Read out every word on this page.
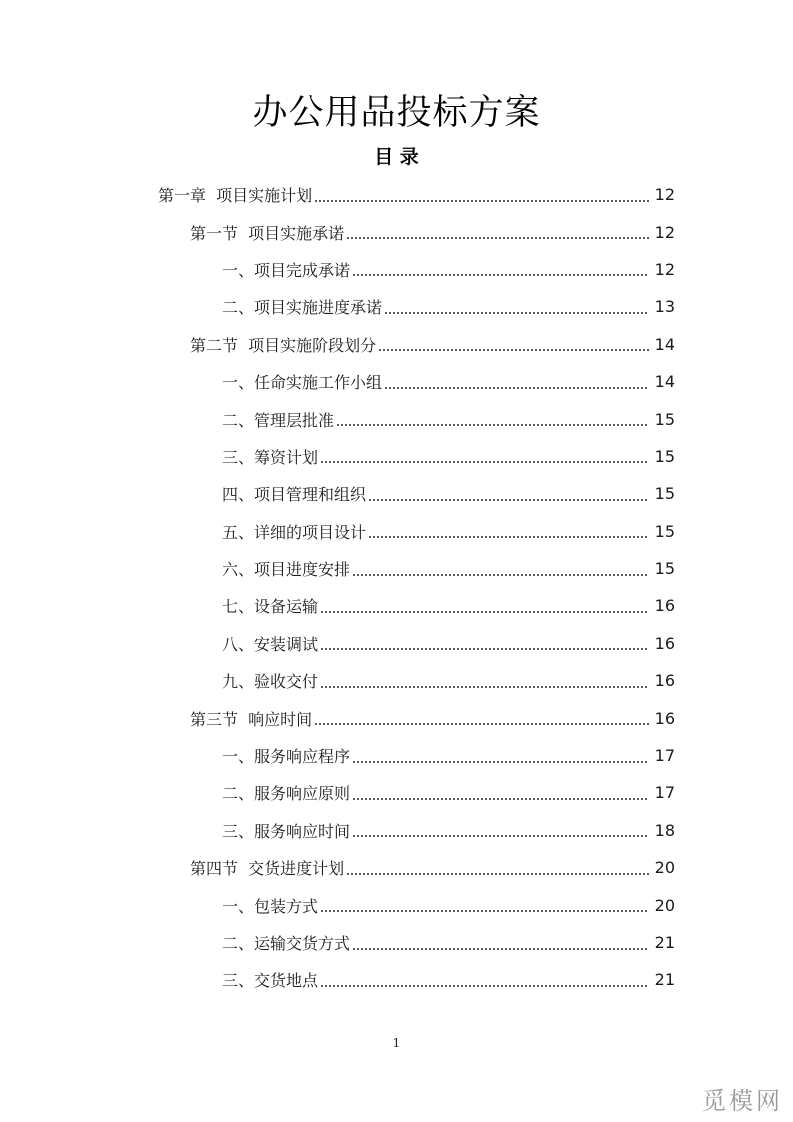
办公用品投标方案
目 录
第一章  项目实施计划	12
第一节  项目实施承诺	12
一、项目完成承诺	12
二、项目实施进度承诺	13
第二节  项目实施阶段划分	14
一、任命实施工作小组	14
二、管理层批准	15
三、筹资计划	15
四、项目管理和组织	15
五、详细的项目设计	15
六、项目进度安排	15
七、设备运输	16
八、安装调试	16
九、验收交付	16
第三节  响应时间	16
一、服务响应程序	17
二、服务响应原则	17
三、服务响应时间	18
第四节  交货进度计划	20
一、包装方式	20
二、运输交货方式	21
三、交货地点	21
1
觅模网
